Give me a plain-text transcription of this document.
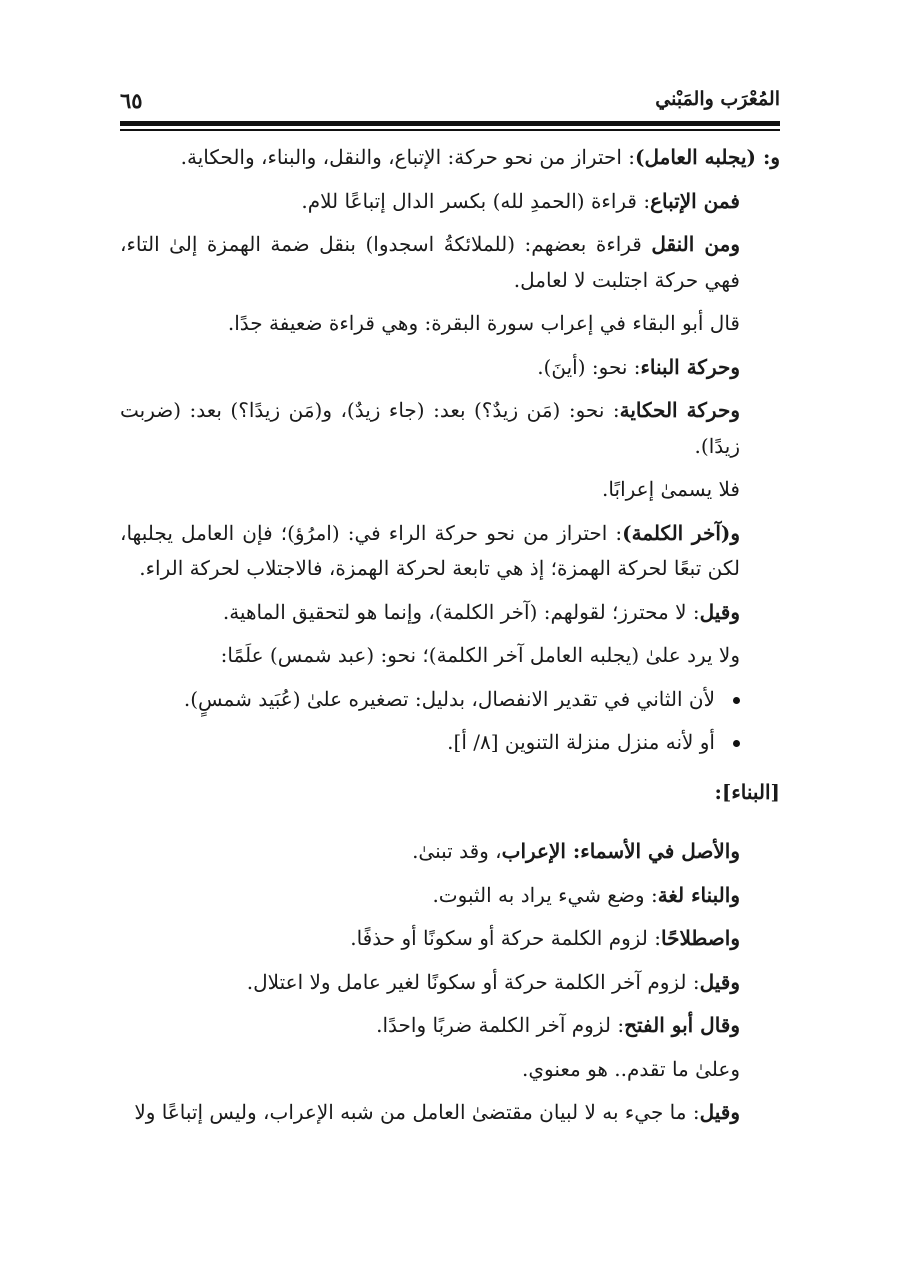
المُعْرَب والمَبْني
٦٥

و: (يجلبه العامل): احتراز من نحو حركة: الإتباع، والنقل، والبناء، والحكاية.

فمن الإتباع: قراءة (الحمدِ لله) بكسر الدال إتباعًا للام.

ومن النقل قراءة بعضهم: (للملائكةُ اسجدوا) بنقل ضمة الهمزة إلىٰ التاء، فهي حركة اجتلبت لا لعامل.

قال أبو البقاء في إعراب سورة البقرة: وهي قراءة ضعيفة جدًا.

وحركة البناء: نحو: (أينَ).

وحركة الحكاية: نحو: (مَن زيدٌ؟) بعد: (جاء زيدٌ)، و(مَن زيدًا؟) بعد: (ضربت زيدًا).

فلا يسمىٰ إعرابًا.

و(آخر الكلمة): احتراز من نحو حركة الراء في: (امرُؤ)؛ فإن العامل يجلبها، لكن تبعًا لحركة الهمزة؛ إذ هي تابعة لحركة الهمزة، فالاجتلاب لحركة الراء.

وقيل: لا محترز؛ لقولهم: (آخر الكلمة)، وإنما هو لتحقيق الماهية.

ولا يرد علىٰ (يجلبه العامل آخر الكلمة)؛ نحو: (عبد شمس) علَمًا:

لأن الثاني في تقدير الانفصال، بدليل: تصغيره علىٰ (عُبَيد شمسٍ).
أو لأنه منزل منزلة التنوين [٨/ أ].

[البناء]:

والأصل في الأسماء: الإعراب، وقد تبنىٰ.

والبناء لغة: وضع شيء يراد به الثبوت.

واصطلاحًا: لزوم الكلمة حركة أو سكونًا أو حذفًا.

وقيل: لزوم آخر الكلمة حركة أو سكونًا لغير عامل ولا اعتلال.

وقال أبو الفتح: لزوم آخر الكلمة ضربًا واحدًا.

وعلىٰ ما تقدم.. هو معنوي.

وقيل: ما جيء به لا لبيان مقتضىٰ العامل من شبه الإعراب، وليس إتباعًا ولا
